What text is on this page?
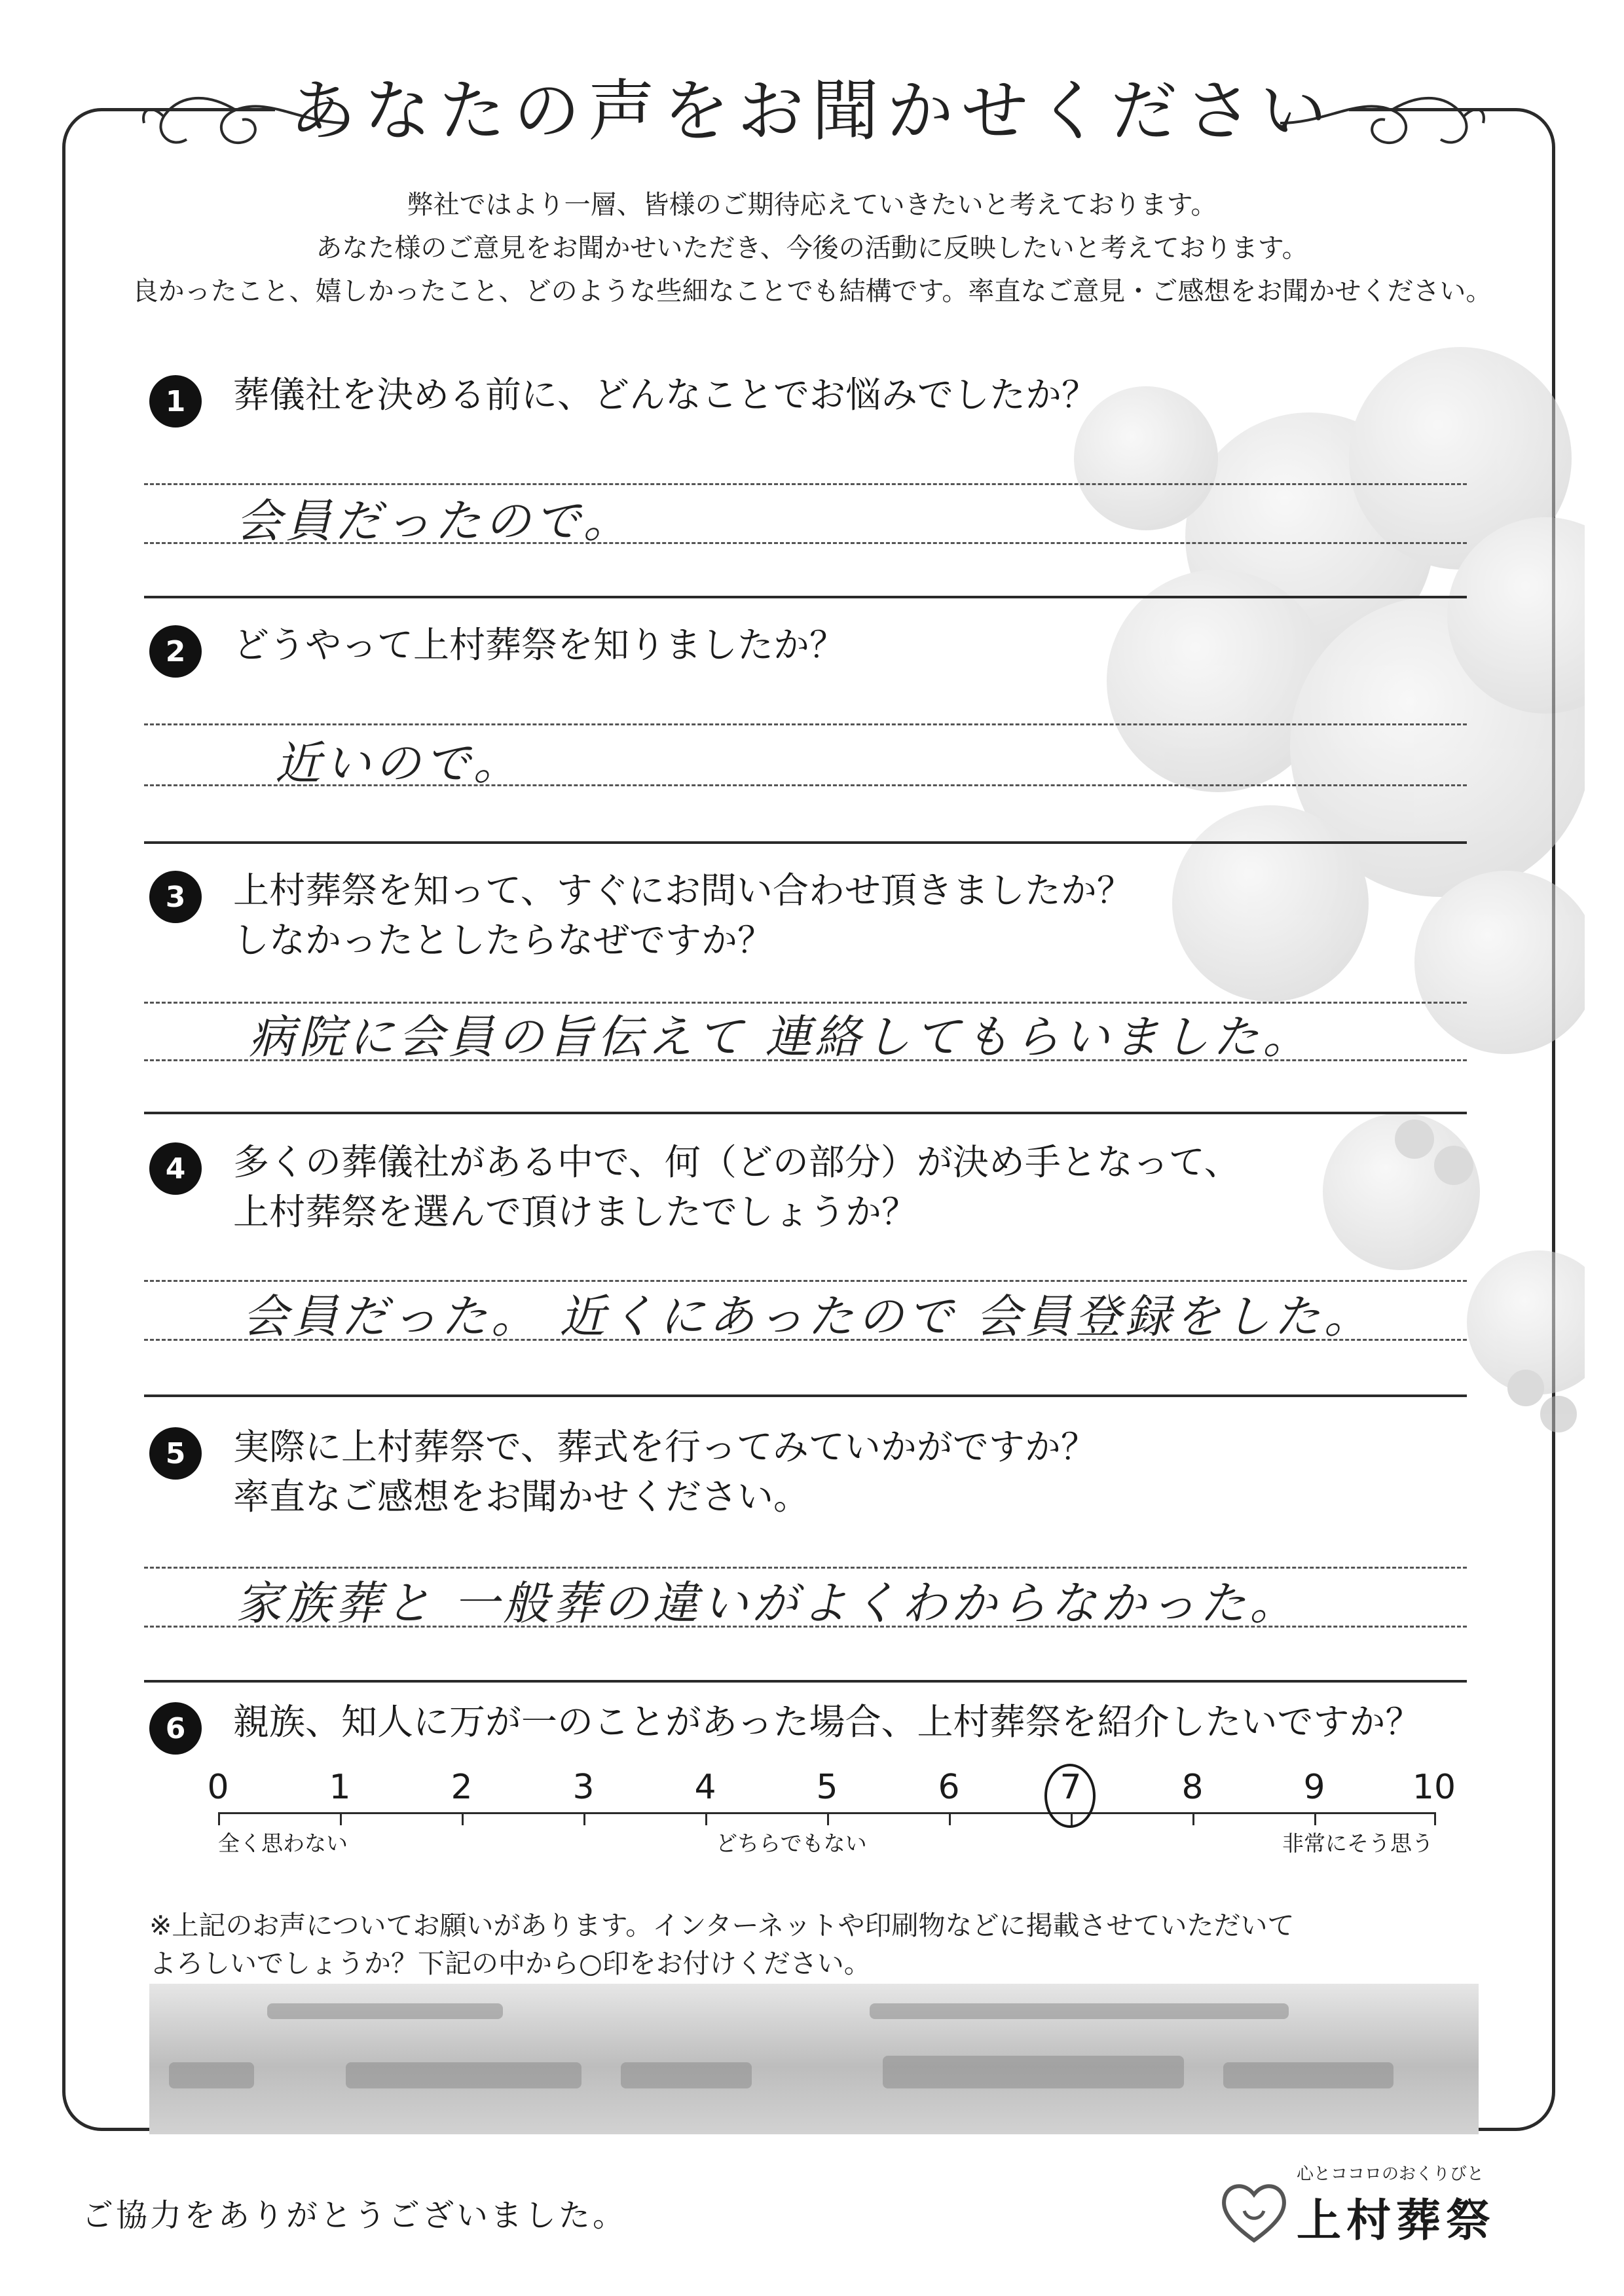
あなたの声をお聞かせください
弊社ではより一層、皆様のご期待応えていきたいと考えております。
あなた様のご意見をお聞かせいただき、今後の活動に反映したいと考えております。
良かったこと、嬉しかったこと、どのような些細なことでも結構です。率直なご意見・ご感想をお聞かせください。
1	葬儀社を決める前に、どんなことでお悩みでしたか？
会員だったので。
2	どうやって上村葬祭を知りましたか？
近いので。
3	上村葬祭を知って、すぐにお問い合わせ頂きましたか？
しなかったとしたらなぜですか？
病院に会員の旨伝えて 連絡してもらいました。
4	多くの葬儀社がある中で、何（どの部分）が決め手となって、
上村葬祭を選んで頂けましたでしょうか？
会員だった。 近くにあったので 会員登録をした。
5	実際に上村葬祭で、葬式を行ってみていかがですか？
率直なご感想をお聞かせください。
家族葬と 一般葬の違いがよくわからなかった。
6	親族、知人に万が一のことがあった場合、上村葬祭を紹介したいですか？
0	1	2	3	4	5	6	7	8	9	10
全く思わない	どちらでもない	非常にそう思う
※上記のお声についてお願いがあります。インターネットや印刷物などに掲載させていただいて
よろしいでしょうか？下記の中から○印をお付けください。
ご協力をありがとうございました。
心とココロのおくりびと
上村葬祭
